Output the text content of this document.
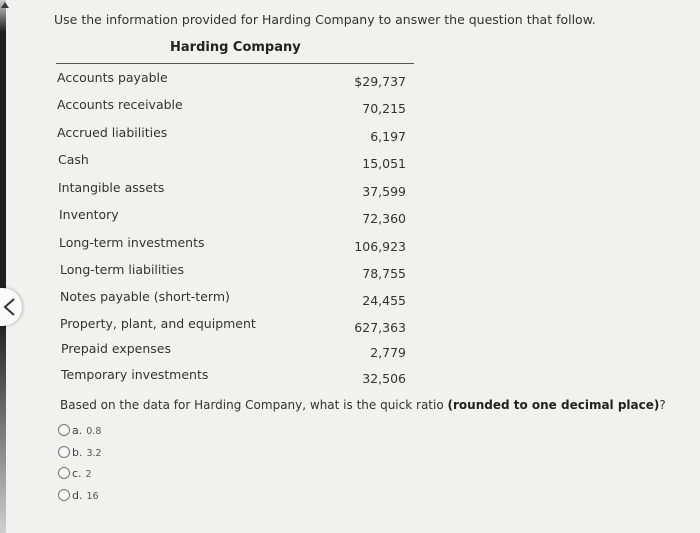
Use the information provided for Harding Company to answer the question that follow.
Harding Company
Accounts payable	$29,737
Accounts receivable	70,215
Accrued liabilities	6,197
Cash	15,051
Intangible assets	37,599
Inventory	72,360
Long-term investments	106,923
Long-term liabilities	78,755
Notes payable (short-term)	24,455
Property, plant, and equipment	627,363
Prepaid expenses	2,779
Temporary investments	32,506
Based on the data for Harding Company, what is the quick ratio (rounded to one decimal place)?
a. 0.8
b. 3.2
c. 2
d. 16
